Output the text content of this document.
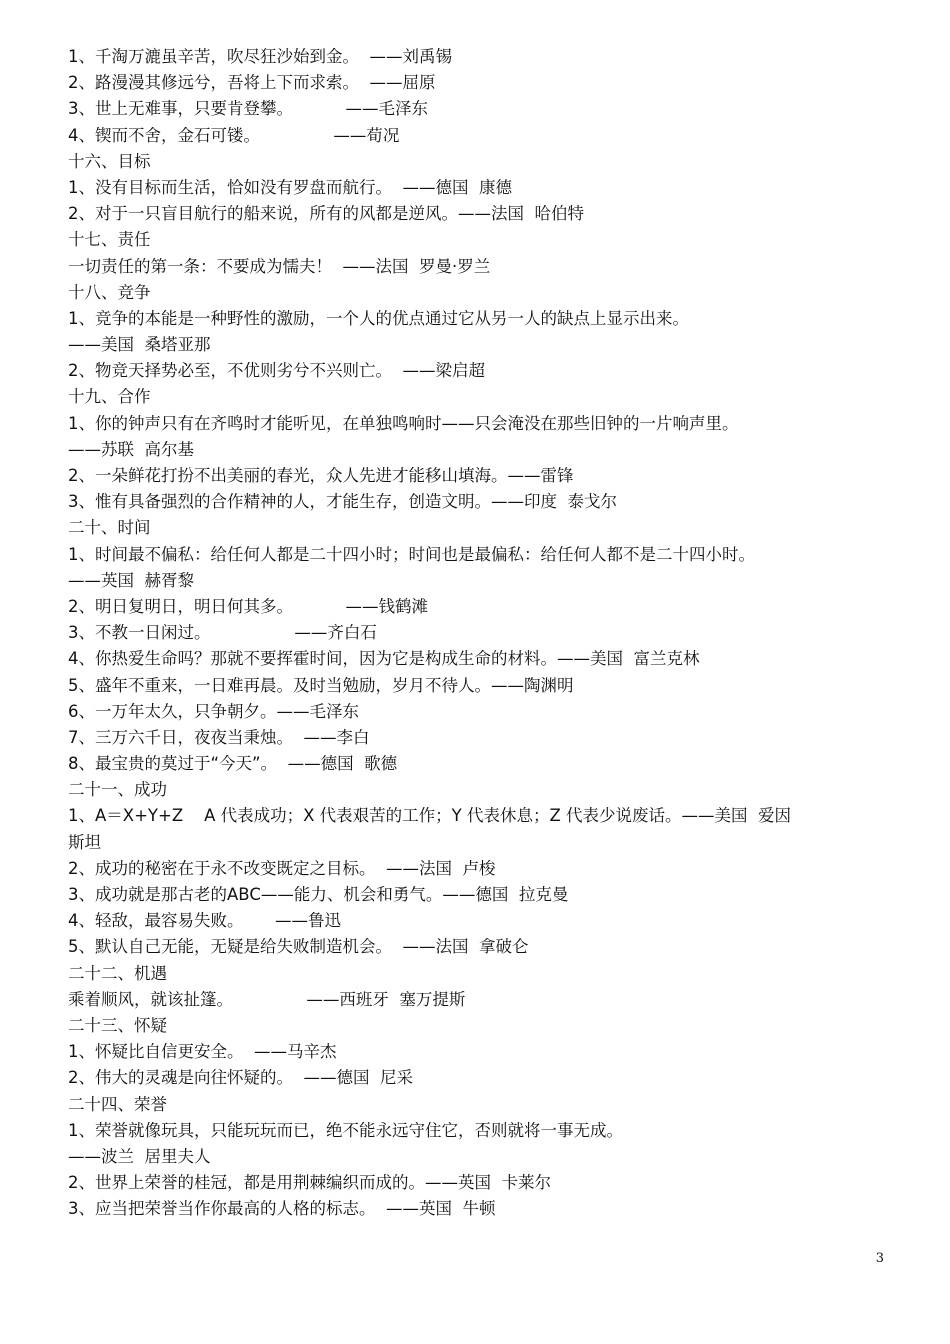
1、千淘万漉虽辛苦，吹尽狂沙始到金。  ——刘禹锡
2、路漫漫其修远兮，吾将上下而求索。  ——屈原
3、世上无难事，只要肯登攀。          ——毛泽东
4、锲而不舍，金石可镂。              ——荀况
十六、目标
1、没有目标而生活，恰如没有罗盘而航行。  ——德国  康德
2、对于一只盲目航行的船来说，所有的风都是逆风。——法国  哈伯特
十七、责任
一切责任的第一条：不要成为懦夫！  ——法国  罗曼·罗兰
十八、竞争
1、竞争的本能是一种野性的激励，一个人的优点通过它从另一人的缺点上显示出来。
——美国  桑塔亚那
2、物竞天择势必至，不优则劣兮不兴则亡。  ——梁启超
十九、合作
1、你的钟声只有在齐鸣时才能听见，在单独鸣响时——只会淹没在那些旧钟的一片响声里。
——苏联  高尔基
2、一朵鲜花打扮不出美丽的春光，众人先进才能移山填海。——雷锋
3、惟有具备强烈的合作精神的人，才能生存，创造文明。——印度  泰戈尔
二十、时间
1、时间最不偏私：给任何人都是二十四小时；时间也是最偏私：给任何人都不是二十四小时。
——英国  赫胥黎
2、明日复明日，明日何其多。          ——钱鹤滩
3、不教一日闲过。                ——齐白石
4、你热爱生命吗？那就不要挥霍时间，因为它是构成生命的材料。——美国  富兰克林
5、盛年不重来，一日难再晨。及时当勉励，岁月不待人。——陶渊明
6、一万年太久，只争朝夕。——毛泽东
7、三万六千日，夜夜当秉烛。  ——李白
8、最宝贵的莫过于“今天”。  ——德国  歌德
二十一、成功
1、A＝X+Y+Z    A 代表成功；X 代表艰苦的工作；Y 代表休息；Z 代表少说废话。——美国  爱因
斯坦
2、成功的秘密在于永不改变既定之目标。  ——法国  卢梭
3、成功就是那古老的ABC——能力、机会和勇气。——德国  拉克曼
4、轻敌，最容易失败。      ——鲁迅
5、默认自己无能，无疑是给失败制造机会。  ——法国  拿破仑
二十二、机遇
乘着顺风，就该扯篷。              ——西班牙  塞万提斯
二十三、怀疑
1、怀疑比自信更安全。  ——马辛杰
2、伟大的灵魂是向往怀疑的。  ——德国  尼采
二十四、荣誉
1、荣誉就像玩具，只能玩玩而已，绝不能永远守住它，否则就将一事无成。
——波兰  居里夫人
2、世界上荣誉的桂冠，都是用荆棘编织而成的。——英国  卡莱尔
3、应当把荣誉当作你最高的人格的标志。  ——英国  牛顿
3
